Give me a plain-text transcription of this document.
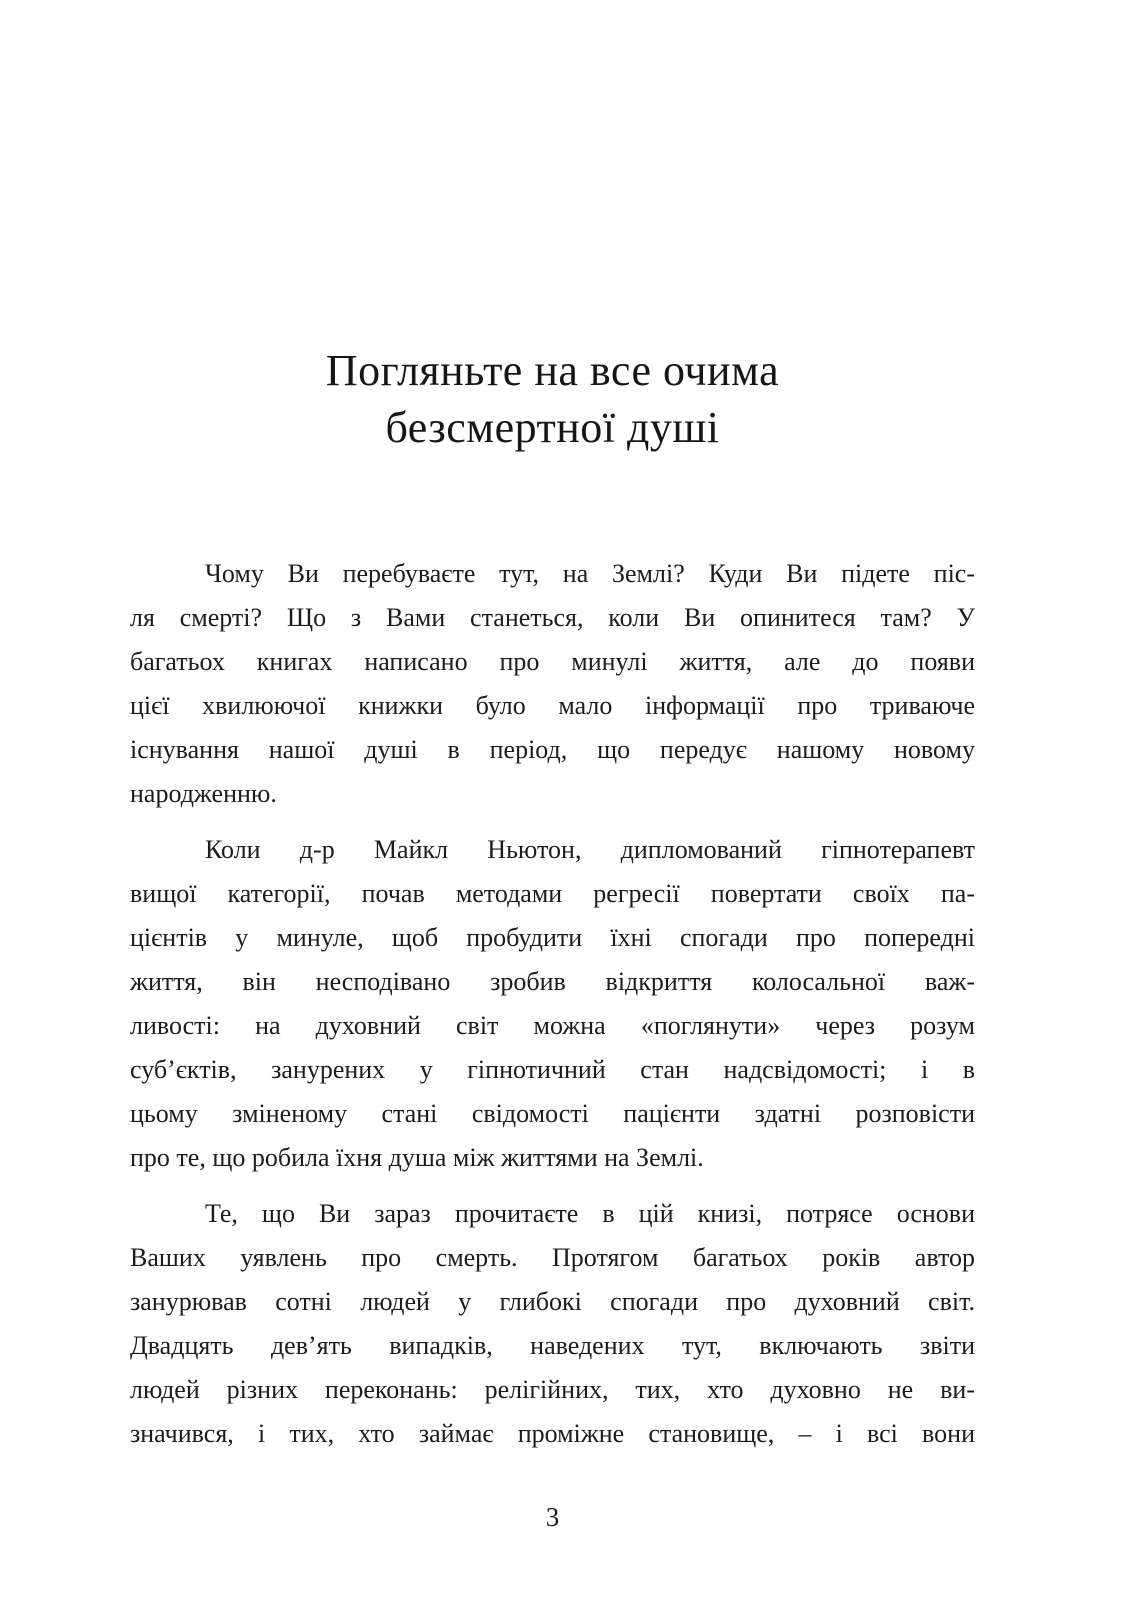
Погляньте на все очима
безсмертної душі
Чому Ви перебуваєте тут, на Землі? Куди Ви підете піс-
ля смерті? Що з Вами станеться, коли Ви опинитеся там? У
багатьох книгах написано про минулі життя, але до появи
цієї хвилюючої книжки було мало інформації про триваюче
існування нашої душі в період, що передує нашому новому
народженню.
Коли д-р Майкл Ньютон, дипломований гіпнотерапевт
вищої категорії, почав методами регресії повертати своїх па-
цієнтів у минуле, щоб пробудити їхні спогади про попередні
життя, він несподівано зробив відкриття колосальної важ-
ливості: на духовний світ можна «поглянути» через розум
суб’єктів, занурених у гіпнотичний стан надсвідомості; і в
цьому зміненому стані свідомості пацієнти здатні розповісти
про те, що робила їхня душа між життями на Землі.
Те, що Ви зараз прочитаєте в цій книзі, потрясе основи
Ваших уявлень про смерть. Протягом багатьох років автор
занурював сотні людей у глибокі спогади про духовний світ.
Двадцять дев’ять випадків, наведених тут, включають звіти
людей різних переконань: релігійних, тих, хто духовно не ви-
значився, і тих, хто займає проміжне становище, – і всі вони
3
